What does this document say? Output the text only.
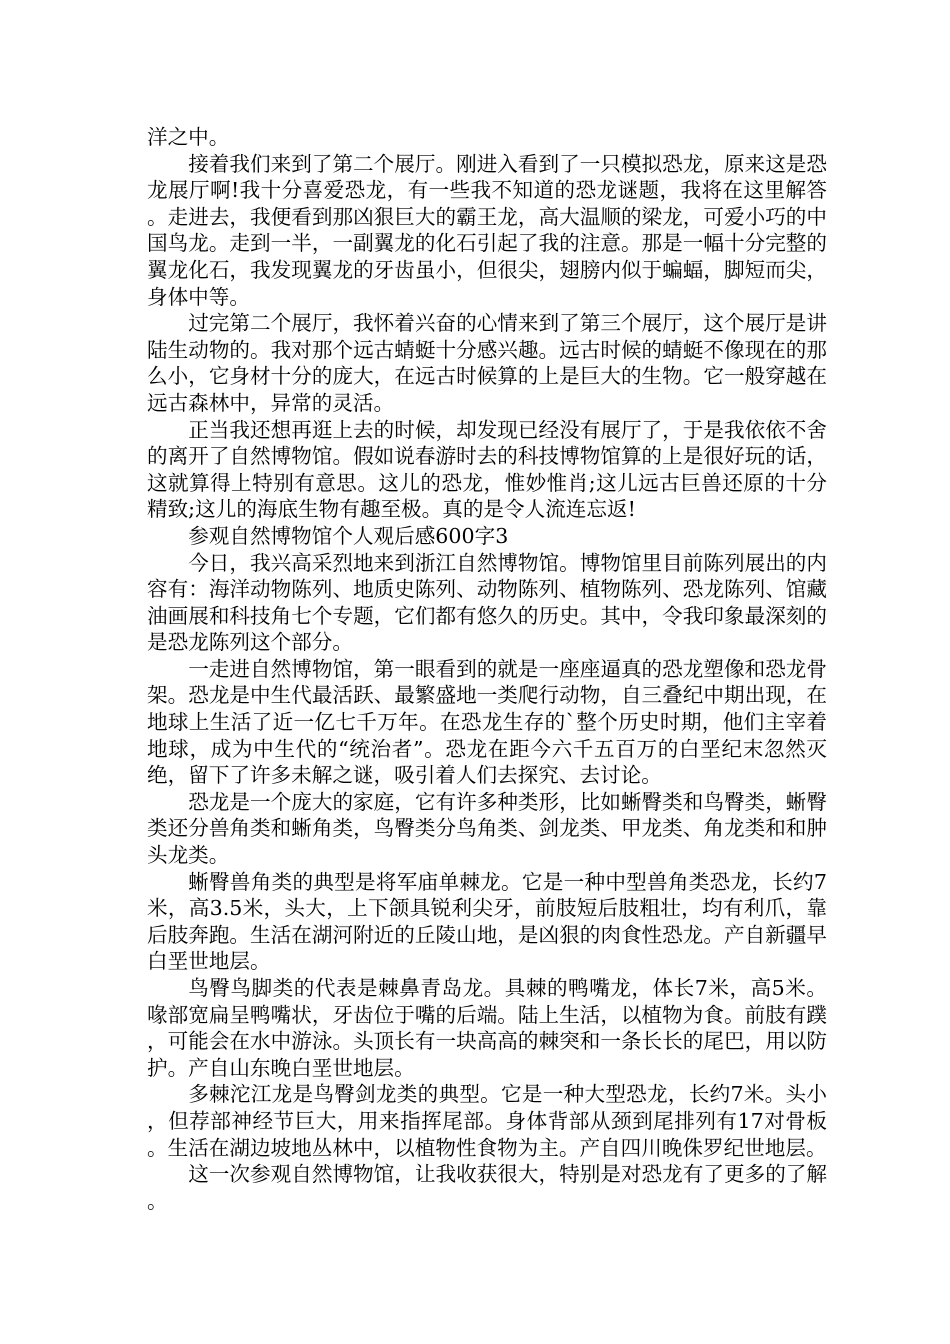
洋之中。

接着我们来到了第二个展厅。刚进入看到了一只模拟恐龙，原来这是恐龙展厅啊!我十分喜爱恐龙，有一些我不知道的恐龙谜题，我将在这里解答。走进去，我便看到那凶狠巨大的霸王龙，高大温顺的梁龙，可爱小巧的中国鸟龙。走到一半，一副翼龙的化石引起了我的注意。那是一幅十分完整的翼龙化石，我发现翼龙的牙齿虽小，但很尖，翅膀内似于蝙蝠，脚短而尖，身体中等。

过完第二个展厅，我怀着兴奋的心情来到了第三个展厅，这个展厅是讲陆生动物的。我对那个远古蜻蜓十分感兴趣。远古时候的蜻蜓不像现在的那么小，它身材十分的庞大，在远古时候算的上是巨大的生物。它一般穿越在远古森林中，异常的灵活。

正当我还想再逛上去的时候，却发现已经没有展厅了，于是我依依不舍的离开了自然博物馆。假如说春游时去的科技博物馆算的上是很好玩的话，这就算得上特别有意思。这儿的恐龙，惟妙惟肖;这儿远古巨兽还原的十分精致;这儿的海底生物有趣至极。真的是令人流连忘返!

参观自然博物馆个人观后感600字3

今日，我兴高采烈地来到浙江自然博物馆。博物馆里目前陈列展出的内容有：海洋动物陈列、地质史陈列、动物陈列、植物陈列、恐龙陈列、馆藏油画展和科技角七个专题，它们都有悠久的历史。其中，令我印象最深刻的是恐龙陈列这个部分。

一走进自然博物馆，第一眼看到的就是一座座逼真的恐龙塑像和恐龙骨架。恐龙是中生代最活跃、最繁盛地一类爬行动物，自三叠纪中期出现，在地球上生活了近一亿七千万年。在恐龙生存的`整个历史时期，他们主宰着地球，成为中生代的“统治者”。恐龙在距今六千五百万的白垩纪末忽然灭绝，留下了许多未解之谜，吸引着人们去探究、去讨论。

恐龙是一个庞大的家庭，它有许多种类形，比如蜥臀类和鸟臀类，蜥臀类还分兽角类和蜥角类，鸟臀类分鸟角类、剑龙类、甲龙类、角龙类和和肿头龙类。

蜥臀兽角类的典型是将军庙单棘龙。它是一种中型兽角类恐龙，长约7米，高3.5米，头大，上下颌具锐利尖牙，前肢短后肢粗壮，均有利爪，靠后肢奔跑。生活在湖河附近的丘陵山地，是凶狠的肉食性恐龙。产自新疆早白垩世地层。

鸟臀鸟脚类的代表是棘鼻青岛龙。具棘的鸭嘴龙，体长7米，高5米。喙部宽扁呈鸭嘴状，牙齿位于嘴的后端。陆上生活，以植物为食。前肢有蹼，可能会在水中游泳。头顶长有一块高高的棘突和一条长长的尾巴，用以防护。产自山东晚白垩世地层。

多棘沱江龙是鸟臀剑龙类的典型。它是一种大型恐龙，长约7米。头小，但荐部神经节巨大，用来指挥尾部。身体背部从颈到尾排列有17对骨板。生活在湖边坡地丛林中，以植物性食物为主。产自四川晚侏罗纪世地层。

这一次参观自然博物馆，让我收获很大，特别是对恐龙有了更多的了解。
